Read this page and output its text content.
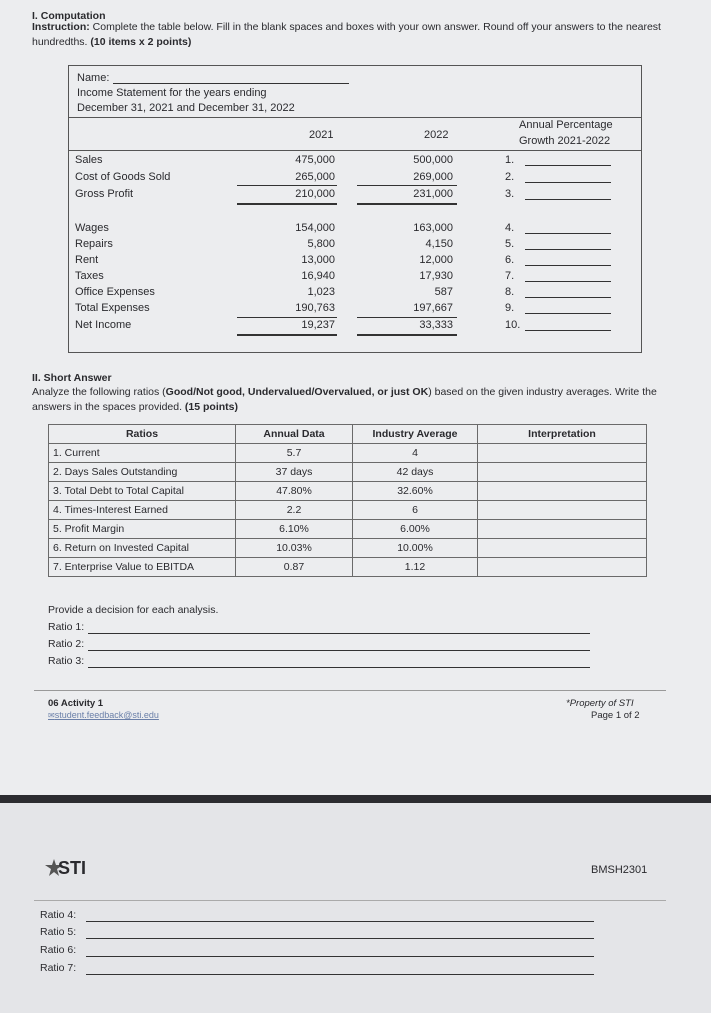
I. Computation
Instruction: Complete the table below. Fill in the blank spaces and boxes with your own answer. Round off your answers to the nearest hundredths. (10 items x 2 points)
Name:
Income Statement for the years ending
December 31, 2021 and December 31, 2022
2021	2022
Annual Percentage
Growth 2021-2022
Sales	475,000	500,000	1.
Cost of Goods Sold	265,000	269,000	2.
Gross Profit	210,000	231,000	3.
Wages	154,000	163,000	4.
Repairs	5,800	4,150	5.
Rent	13,000	12,000	6.
Taxes	16,940	17,930	7.
Office Expenses	1,023	587	8.
Total Expenses	190,763	197,667	9.
Net Income	19,237	33,333	10.
II. Short Answer
Analyze the following ratios (Good/Not good, Undervalued/Overvalued, or just OK) based on the given industry averages. Write the answers in the spaces provided. (15 points)
Ratios	Annual Data	Industry Average	Interpretation
1. Current	5.7	4	
2. Days Sales Outstanding	37 days	42 days	
3. Total Debt to Total Capital	47.80%	32.60%	
4. Times-Interest Earned	2.2	6	
5. Profit Margin	6.10%	6.00%	
6. Return on Invested Capital	10.03%	10.00%	
7. Enterprise Value to EBITDA	0.87	1.12	
Provide a decision for each analysis.
Ratio 1:
Ratio 2:
Ratio 3:
06 Activity 1
✉student.feedback@sti.edu
*Property of STI
Page 1 of 2
STI	BMSH2301
Ratio 4:
Ratio 5:
Ratio 6:
Ratio 7:
